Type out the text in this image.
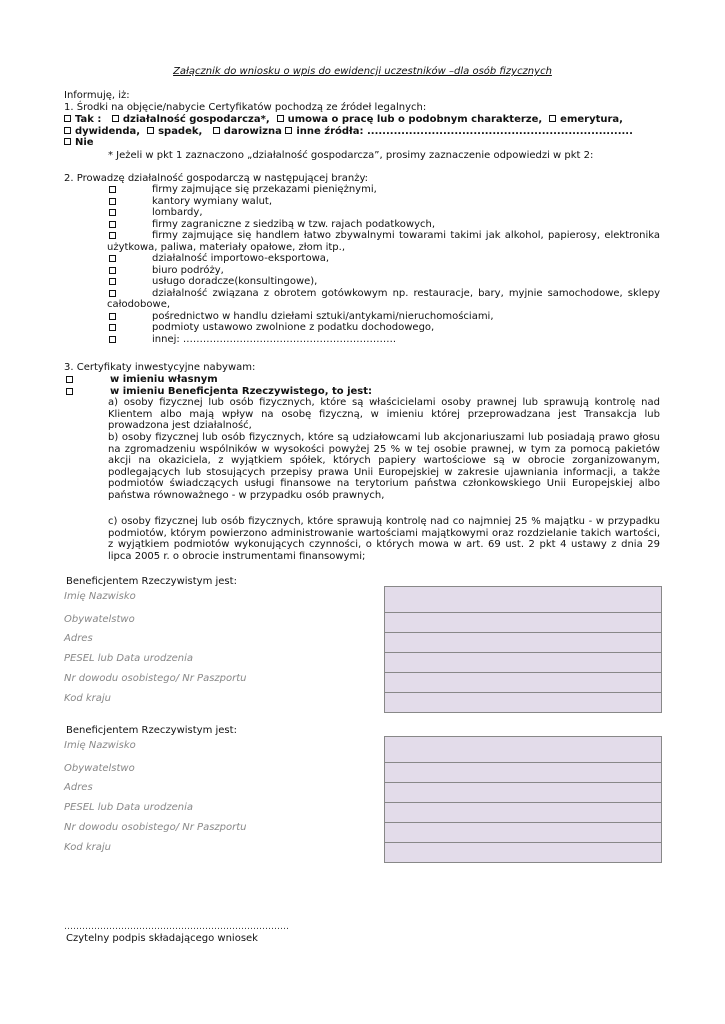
Załącznik do wniosku o wpis do ewidencji uczestników –dla osób fizycznych
Informuję, iż:
1. Środki na objęcie/nabycie Certyfikatów pochodzą ze źródeł legalnych:
Tak : działalność gospodarcza*, umowa o pracę lub o podobnym charakterze, emerytura,
dywidenda, spadek, darowizna inne źródła: ......................................................................
Nie
* Jeżeli w pkt 1 zaznaczono „działalność gospodarcza”, prosimy zaznaczenie odpowiedzi w pkt 2:
2. Prowadzę działalność gospodarczą w następującej branży:
firmy zajmujące się przekazami pieniężnymi,
kantory wymiany walut,
lombardy,
firmy zagraniczne z siedzibą w tzw. rajach podatkowych,
firmy zajmujące się handlem łatwo zbywalnymi towarami takimi jak alkohol, papierosy, elektronika użytkowa, paliwa, materiały opałowe, złom itp.,
działalność importowo-eksportowa,
biuro podróży,
usługo doradcze(konsultingowe),
działalność związana z obrotem gotówkowym np. restauracje, bary, myjnie samochodowe, sklepy całodobowe,
pośrednictwo w handlu dziełami sztuki/antykami/nieruchomościami,
podmioty ustawowo zwolnione z podatku dochodowego,
innej: ……………………………………………………….
3. Certyfikaty inwestycyjne nabywam:
w imieniu własnym
w imieniu Beneficjenta Rzeczywistego, to jest:
a) osoby fizycznej lub osób fizycznych, które są właścicielami osoby prawnej lub sprawują kontrolę nad Klientem albo mają wpływ na osobę fizyczną, w imieniu której przeprowadzana jest Transakcja lub prowadzona jest działalność,
b) osoby fizycznej lub osób fizycznych, które są udziałowcami lub akcjonariuszami lub posiadają prawo głosu na zgromadzeniu wspólników w wysokości powyżej 25 % w tej osobie prawnej, w tym za pomocą pakietów akcji na okaziciela, z wyjątkiem spółek, których papiery wartościowe są w obrocie zorganizowanym, podlegających lub stosujących przepisy prawa Unii Europejskiej w zakresie ujawniania informacji, a także podmiotów świadczących usługi finansowe na terytorium państwa członkowskiego Unii Europejskiej albo państwa równoważnego - w przypadku osób prawnych,
c) osoby fizycznej lub osób fizycznych, które sprawują kontrolę nad co najmniej 25 % majątku - w przypadku podmiotów, którym powierzono administrowanie wartościami majątkowymi oraz rozdzielanie takich wartości, z wyjątkiem podmiotów wykonujących czynności, o których mowa w art. 69 ust. 2 pkt 4 ustawy z dnia 29 lipca 2005 r. o obrocie instrumentami finansowymi;
Beneficjentem Rzeczywistym jest:
Imię Nazwisko
Obywatelstwo
Adres
PESEL lub Data urodzenia
Nr dowodu osobistego/ Nr Paszportu
Kod kraju
Beneficjentem Rzeczywistym jest:
Imię Nazwisko
Obywatelstwo
Adres
PESEL lub Data urodzenia
Nr dowodu osobistego/ Nr Paszportu
Kod kraju
…………………………………………………………………
Czytelny podpis składającego wniosek
